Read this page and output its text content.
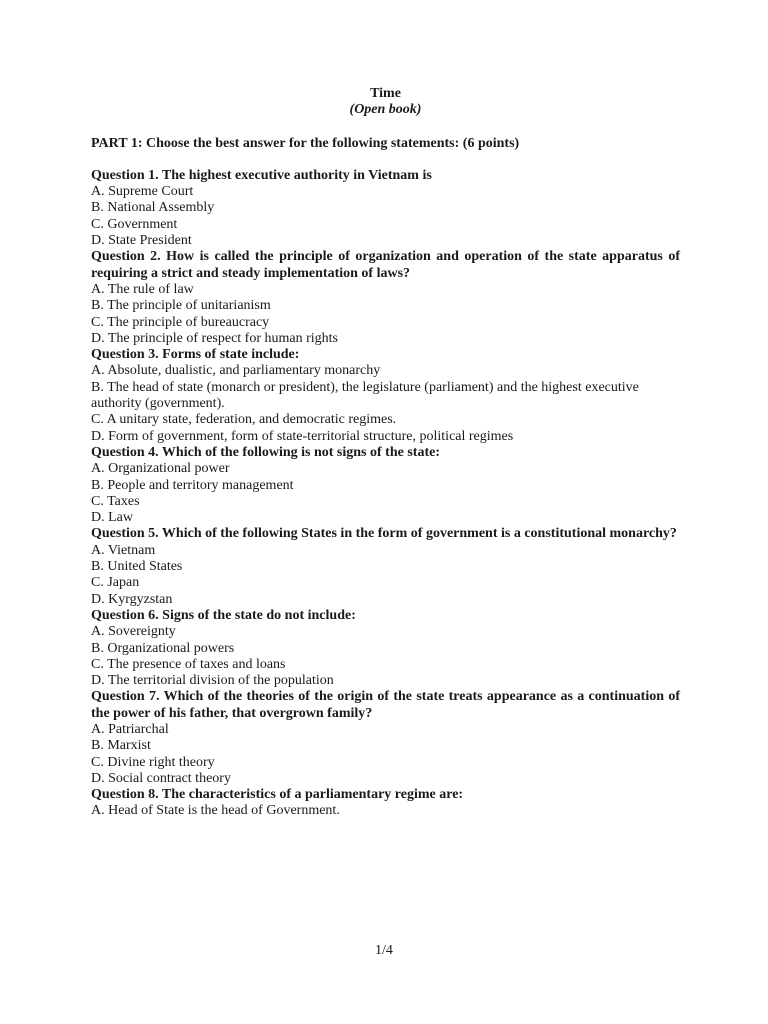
Time
(Open book)
PART 1: Choose the best answer for the following statements: (6 points)
Question 1. The highest executive authority in Vietnam is
A. Supreme Court
B. National Assembly
C. Government
D. State President
Question 2. How is called the principle of organization and operation of the state apparatus of requiring a strict and steady implementation of laws?
A. The rule of law
B. The principle of unitarianism
C. The principle of bureaucracy
D. The principle of respect for human rights
Question 3. Forms of state include:
A. Absolute, dualistic, and parliamentary monarchy
B. The head of state (monarch or president), the legislature (parliament) and the highest executive authority (government).
C. A unitary state, federation, and democratic regimes.
D. Form of government, form of state-territorial structure, political regimes
Question 4. Which of the following is not signs of the state:
A. Organizational power
B. People and territory management
C. Taxes
D. Law
Question 5. Which of the following States in the form of government is a constitutional monarchy?
A. Vietnam
B. United States
C. Japan
D. Kyrgyzstan
Question 6. Signs of the state do not include:
A. Sovereignty
B. Organizational powers
C. The presence of taxes and loans
D. The territorial division of the population
Question 7. Which of the theories of the origin of the state treats appearance as a continuation of the power of his father, that overgrown family?
A. Patriarchal
B. Marxist
C. Divine right theory
D. Social contract theory
Question 8. The characteristics of a parliamentary regime are:
A. Head of State is the head of Government.
1/4
